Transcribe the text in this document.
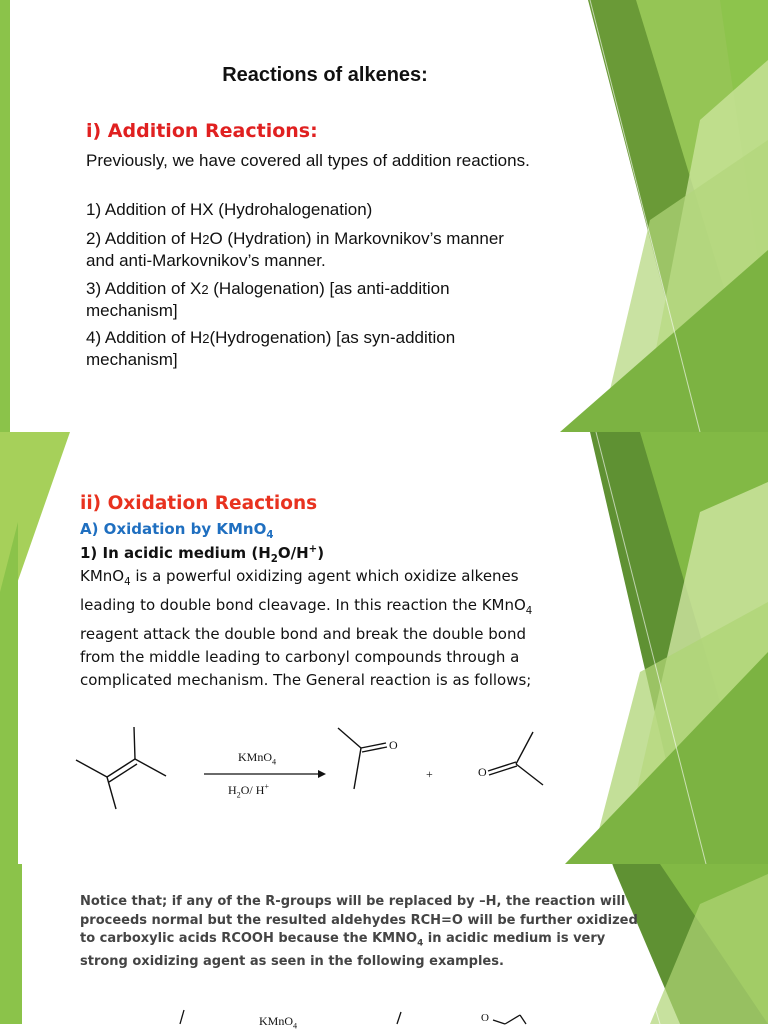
Reactions of alkenes:
i) Addition Reactions:
Previously, we have covered all types of addition reactions.
1) Addition of HX (Hydrohalogenation)
2) Addition of H2O (Hydration) in Markovnikov’s manner and anti-Markovnikov’s manner.
3) Addition of X2 (Halogenation) [as anti-addition mechanism]
4) Addition of H2(Hydrogenation) [as syn-addition mechanism]
ii) Oxidation Reactions
A) Oxidation by KMnO$_4$
1) In acidic medium $(H_2O/H^+)$
KMnO$_4$ is a powerful oxidizing agent which oxidize alkenes leading to double bond cleavage. In this reaction the KMnO$_4$ reagent attack the double bond and break the double bond from the middle leading to carbonyl compounds through a complicated mechanism. The General reaction is as follows;
KMnO$_4$
$H_2O/$ H+
O
+	O
Notice that; if any of the R-groups will be replaced by –H, the reaction will proceeds normal but the resulted aldehydes RCH=O will be further oxidized to carboxylic acids RCOOH because the $KMNO_4$ in acidic medium is very strong oxidizing agent as seen in the following examples.
KMnO$_4$
O
